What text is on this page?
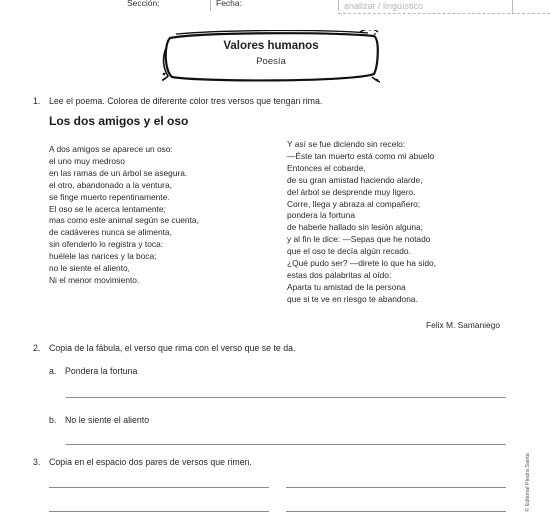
Sección:	Fecha:	analizar / lingüístico
Valores humanos
Poesía
1. Lee el poema. Colorea de diferente color tres versos que tengan rima.
Los dos amigos y el oso
A dos amigos se aparece un oso:
el uno muy medroso
en las ramas de un árbol se asegura.
el otro, abandonado a la ventura,
se finge muerto repentinamente.
El oso se le acerca lentamente;
mas como este animal según se cuenta,
de cadáveres nunca se alimenta,
sin ofenderlo lo registra y toca:
huélele las narices y la boca;
no le siente el aliento,
Ni el menor movimiento.
Y así se fue diciendo sin recelo:
—Éste tan muerto está como mi abuelo
Entonces el cobarde,
de su gran amistad haciendo alarde,
del árbol se desprende muy ligero.
Corre, llega y abraza al compañero;
pondera la fortuna
de haberle hallado sin lesión alguna;
y al fin le dice: —Sepas que he notado
que el oso te decía algún recado.
¿Qué pudo ser? —direte lo que ha sido,
estas dos palabritas al oído:
Aparta tu amistad de la persona
que si te ve en riesgo te abandona.
Felix M. Samaniego
2. Copia de la fábula, el verso que rima con el verso que se te da.
a. Pondera la fortuna
b. No le siente el aliento
3. Copia en el espacio dos pares de versos que rimen.	© Editorial Piedra Santa
